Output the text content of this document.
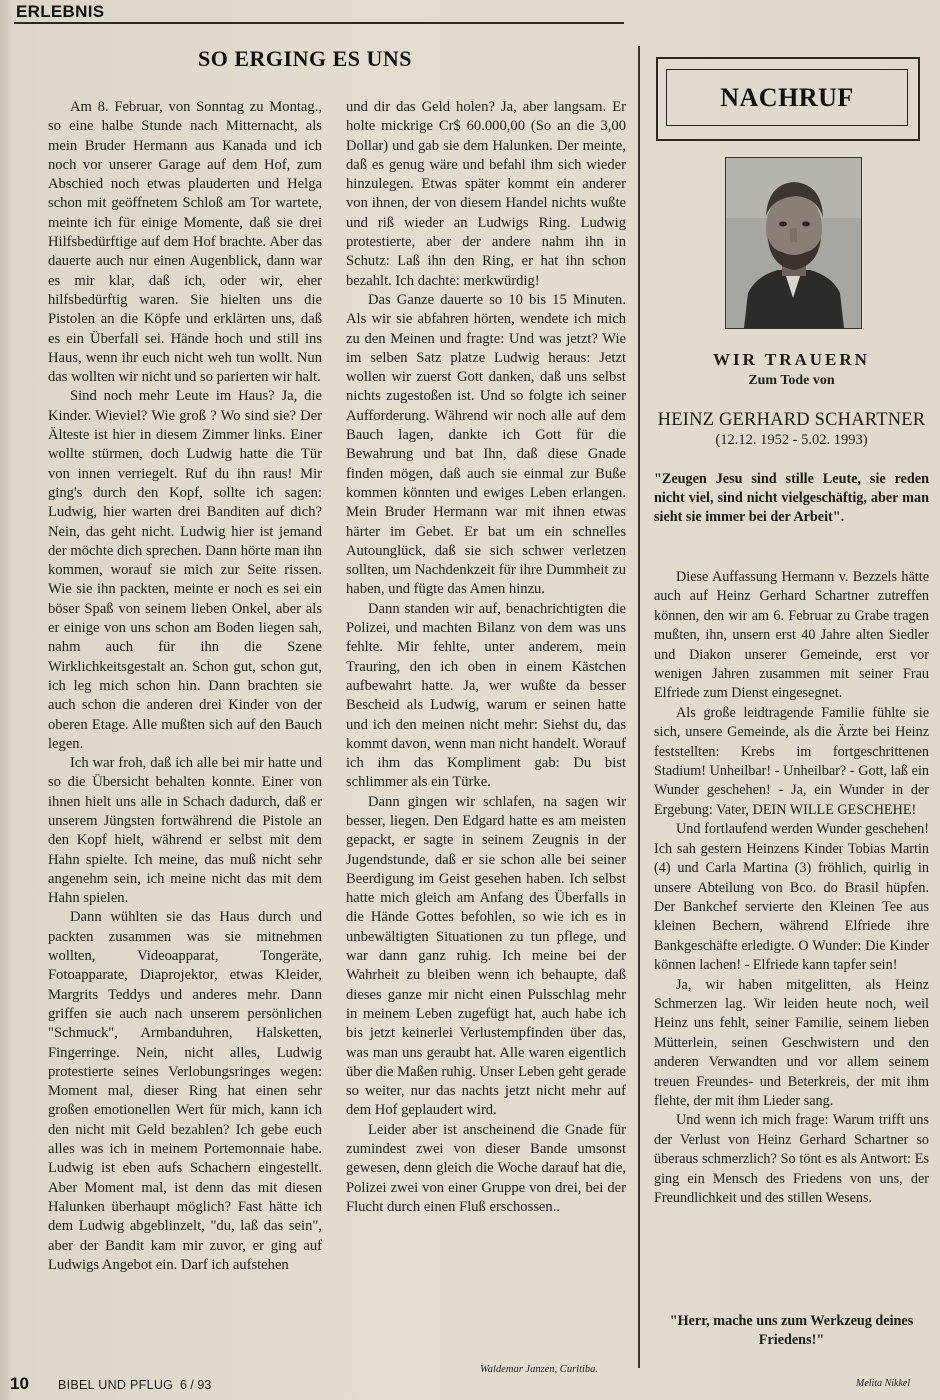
ERLEBNIS
SO ERGING ES UNS

Am 8. Februar, von Sonntag zu Montag., so eine halbe Stunde nach Mitternacht, als mein Bruder Hermann aus Kanada und ich noch vor unserer Garage auf dem Hof, zum Abschied noch etwas plauderten und Helga schon mit geöffnetem Schloß am Tor wartete, meinte ich für einige Momente, daß sie drei Hilfsbedürftige auf dem Hof brachte. Aber das dauerte auch nur einen Augenblick, dann war es mir klar, daß ich, oder wir, eher hilfsbedürftig waren. Sie hielten uns die Pistolen an die Köpfe und erklärten uns, daß es ein Überfall sei. Hände hoch und still ins Haus, wenn ihr euch nicht weh tun wollt. Nun das wollten wir nicht und so parierten wir halt.

Sind noch mehr Leute im Haus? Ja, die Kinder. Wieviel? Wie groß ? Wo sind sie? Der Älteste ist hier in diesem Zimmer links. Einer wollte stürmen, doch Ludwig hatte die Tür von innen verriegelt. Ruf du ihn raus! Mir ging's durch den Kopf, sollte ich sagen: Ludwig, hier warten drei Banditen auf dich? Nein, das geht nicht. Ludwig hier ist jemand der möchte dich sprechen. Dann hörte man ihn kommen, worauf sie mich zur Seite rissen. Wie sie ihn packten, meinte er noch es sei ein böser Spaß von seinem lieben Onkel, aber als er einige von uns schon am Boden liegen sah, nahm auch für ihn die Szene Wirklichkeitsgestalt an. Schon gut, schon gut, ich leg mich schon hin. Dann brachten sie auch schon die anderen drei Kinder von der oberen Etage. Alle mußten sich auf den Bauch legen.

Ich war froh, daß ich alle bei mir hatte und so die Übersicht behalten konnte. Einer von ihnen hielt uns alle in Schach dadurch, daß er unserem Jüngsten fortwährend die Pistole an den Kopf hielt, während er selbst mit dem Hahn spielte. Ich meine, das muß nicht sehr angenehm sein, ich meine nicht das mit dem Hahn spielen.

Dann wühlten sie das Haus durch und packten zusammen was sie mitnehmen wollten, Videoapparat, Tongeräte, Fotoapparate, Diaprojektor, etwas Kleider, Margrits Teddys und anderes mehr. Dann griffen sie auch nach unserem persönlichen "Schmuck", Armbanduhren, Halsketten, Fingerringe. Nein, nicht alles, Ludwig protestierte seines Verlobungsringes wegen: Moment mal, dieser Ring hat einen sehr großen emotionellen Wert für mich, kann ich den nicht mit Geld bezahlen? Ich gebe euch alles was ich in meinem Portemonnaie habe. Ludwig ist eben aufs Schachern eingestellt. Aber Moment mal, ist denn das mit diesen Halunken überhaupt möglich? Fast hätte ich dem Ludwig abgeblinzelt, "du, laß das sein", aber der Bandit kam mir zuvor, er ging auf Ludwigs Angebot ein. Darf ich aufstehen

und dir das Geld holen? Ja, aber langsam. Er holte mickrige Cr$ 60.000,00 (So an die 3,00 Dollar) und gab sie dem Halunken. Der meinte, daß es genug wäre und befahl ihm sich wieder hinzulegen. Etwas später kommt ein anderer von ihnen, der von diesem Handel nichts wußte und riß wieder an Ludwigs Ring. Ludwig protestierte, aber der andere nahm ihn in Schutz: Laß ihn den Ring, er hat ihn schon bezahlt. Ich dachte: merkwürdig!

Das Ganze dauerte so 10 bis 15 Minuten. Als wir sie abfahren hörten, wendete ich mich zu den Meinen und fragte: Und was jetzt? Wie im selben Satz platze Ludwig heraus: Jetzt wollen wir zuerst Gott danken, daß uns selbst nichts zugestoßen ist. Und so folgte ich seiner Aufforderung. Während wir noch alle auf dem Bauch lagen, dankte ich Gott für die Bewahrung und bat Ihn, daß diese Gnade finden mögen, daß auch sie einmal zur Buße kommen könnten und ewiges Leben erlangen. Mein Bruder Hermann war mit ihnen etwas härter im Gebet. Er bat um ein schnelles Autounglück, daß sie sich schwer verletzen sollten, um Nachdenkzeit für ihre Dummheit zu haben, und fügte das Amen hinzu.

Dann standen wir auf, benachrichtigten die Polizei, und machten Bilanz von dem was uns fehlte. Mir fehlte, unter anderem, mein Trauring, den ich oben in einem Kästchen aufbewahrt hatte. Ja, wer wußte da besser Bescheid als Ludwig, warum er seinen hatte und ich den meinen nicht mehr: Siehst du, das kommt davon, wenn man nicht handelt. Worauf ich ihm das Kompliment gab: Du bist schlimmer als ein Türke.

Dann gingen wir schlafen, na sagen wir besser, liegen. Den Edgard hatte es am meisten gepackt, er sagte in seinem Zeugnis in der Jugendstunde, daß er sie schon alle bei seiner Beerdigung im Geist gesehen haben. Ich selbst hatte mich gleich am Anfang des Überfalls in die Hände Gottes befohlen, so wie ich es in unbewältigten Situationen zu tun pflege, und war dann ganz ruhig. Ich meine bei der Wahrheit zu bleiben wenn ich behaupte, daß dieses ganze mir nicht einen Pulsschlag mehr in meinem Leben zugefügt hat, auch habe ich bis jetzt keinerlei Verlustempfinden über das, was man uns geraubt hat. Alle waren eigentlich über die Maßen ruhig. Unser Leben geht gerade so weiter, nur das nachts jetzt nicht mehr auf dem Hof geplaudert wird.

Leider aber ist anscheinend die Gnade für zumindest zwei von dieser Bande umsonst gewesen, denn gleich die Woche darauf hat die, Polizei zwei von einer Gruppe von drei, bei der Flucht durch einen Fluß erschossen..

Waldemar Janzen, Curitiba.
NACHRUF
WIR TRAUERN
Zum Tode von
HEINZ GERHARD SCHARTNER
(12.12. 1952 - 5.02. 1993)

"Zeugen Jesu sind stille Leute, sie reden nicht viel, sind nicht vielgeschäftig, aber man sieht sie immer bei der Arbeit".

Diese Auffassung Hermann v. Bezzels hätte auch auf Heinz Gerhard Schartner zutreffen können, den wir am 6. Februar zu Grabe tragen mußten, ihn, unsern erst 40 Jahre alten Siedler und Diakon unserer Gemeinde, erst vor wenigen Jahren zusammen mit seiner Frau Elfriede zum Dienst eingesegnet.

Als große leidtragende Familie fühlte sie sich, unsere Gemeinde, als die Ärzte bei Heinz feststellten: Krebs im fortgeschrittenen Stadium! Unheilbar! - Unheilbar? - Gott, laß ein Wunder geschehen! - Ja, ein Wunder in der Ergebung: Vater, DEIN WILLE GESCHEHE!

Und fortlaufend werden Wunder geschehen! Ich sah gestern Heinzens Kinder Tobias Martin (4) und Carla Martina (3) fröhlich, quirlig in unsere Abteilung von Bco. do Brasil hüpfen. Der Bankchef servierte den Kleinen Tee aus kleinen Bechern, während Elfriede ihre Bankgeschäfte erledigte. O Wunder: Die Kinder können lachen! - Elfriede kann tapfer sein!

Ja, wir haben mitgelitten, als Heinz Schmerzen lag. Wir leiden heute noch, weil Heinz uns fehlt, seiner Familie, seinem lieben Mütterlein, seinen Geschwistern und den anderen Verwandten und vor allem seinem treuen Freundes- und Beterkreis, der mit ihm flehte, der mit ihm Lieder sang.

Und wenn ich mich frage: Warum trifft uns der Verlust von Heinz Gerhard Schartner so überaus schmerzlich? So tönt es als Antwort: Es ging ein Mensch des Friedens von uns, der Freundlichkeit und des stillen Wesens.

"Herr, mache uns zum Werkzeug deines Friedens!"
Melita Nikkel
10 BIBEL UND PFLUG 6 / 93
